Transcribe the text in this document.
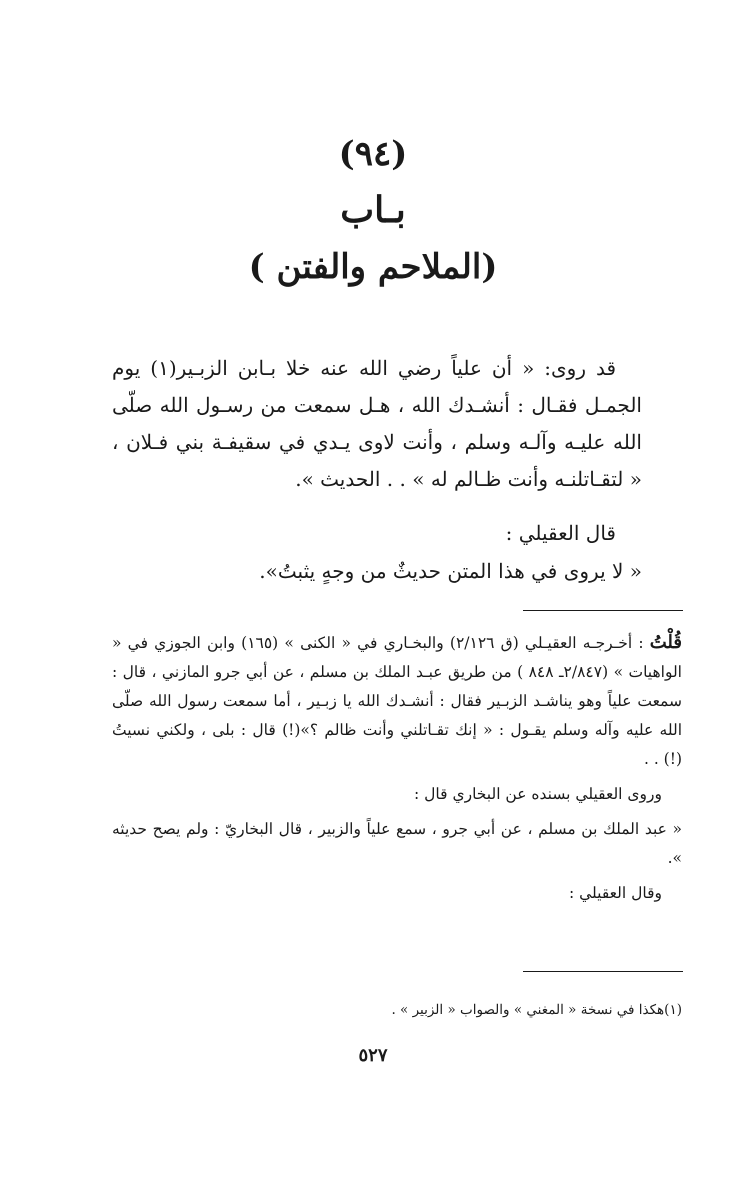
(٩٤)
بـاب
(الملاحم والفتن )

قد روى: « أن علياً رضي الله عنه خلا بـابن الزبـير(١) يوم الجمـل فقـال : أنشـدك الله ، هـل سمعت من رسـول الله صلّى الله عليـه وآلـه وسلم ، وأنت لاوى يـدي في سقيفـة بني فـلان ، « لتقـاتلنـه وأنت ظـالم له » . . الحديث ».

قال العقيلي :

« لا يروى في هذا المتن حديثٌ من وجهٍ يثبتُ».

قُلْتُ : أخـرجـه العقيـلي (ق ٢/١٢٦) والبخـاري في « الكنى » (١٦٥) وابن الجوزي في « الواهيات » (٢/٨٤٧ـ ٨٤٨ ) من طريق عبـد الملك بن مسلم ، عن أبي جرو المازني ، قال : سمعت علياً وهو يناشـد الزبـير فقال : أنشـدك الله يا زبـير ، أما سمعت رسول الله صلّى الله عليه وآله وسلم يقـول : « إنك تقـاتلني وأنت ظالم ؟»(!) قال : بلى ، ولكني نسيتُ (!) . .

وروى العقيلي بسنده عن البخاري قال :

« عبد الملك بن مسلم ، عن أبي جرو ، سمع علياً والزبير ، قال البخاريّ : ولم يصح حديثه ».

وقال العقيلي :

(١)هكذا في نسخة « المغني » والصواب « الزبير » .
٥٢٧
